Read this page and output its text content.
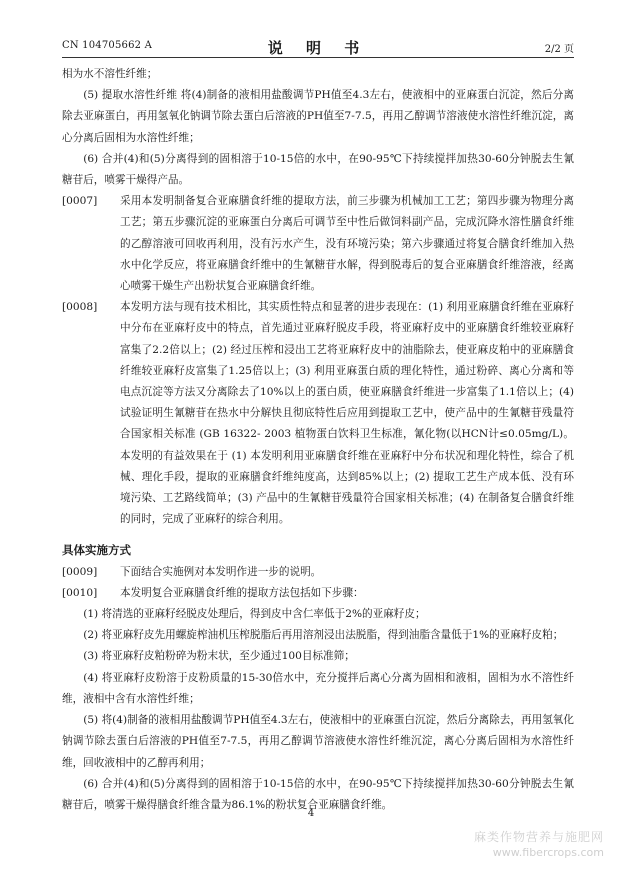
CN 104705662 A	说 明 书	2/2 页

相为水不溶性纤维；

(5) 提取水溶性纤维 将(4)制备的液相用盐酸调节PH值至4.3左右，使液相中的亚麻蛋白沉淀，然后分离除去亚麻蛋白，再用氢氧化钠调节除去蛋白后溶液的PH值至7-7.5，再用乙醇调节溶液使水溶性纤维沉淀，离心分离后固相为水溶性纤维；

(6) 合并(4)和(5)分离得到的固相溶于10-15倍的水中，在90-95℃下持续搅拌加热30-60分钟脱去生氰糖苷后，喷雾干燥得产品。

[0007] 采用本发明制备复合亚麻膳食纤维的提取方法，前三步骤为机械加工工艺；第四步骤为物理分离工艺；第五步骤沉淀的亚麻蛋白分离后可调节至中性后做饲料副产品，完成沉降水溶性膳食纤维的乙醇溶液可回收再利用，没有污水产生，没有环境污染；第六步骤通过将复合膳食纤维加入热水中化学反应，将亚麻膳食纤维中的生氰糖苷水解，得到脱毒后的复合亚麻膳食纤维溶液，经离心喷雾干燥生产出粉状复合亚麻膳食纤维。

[0008] 本发明方法与现有技术相比，其实质性特点和显著的进步表现在：(1) 利用亚麻膳食纤维在亚麻籽中分布在亚麻籽皮中的特点，首先通过亚麻籽脱皮手段，将亚麻籽皮中的亚麻膳食纤维较亚麻籽富集了2.2倍以上；(2) 经过压榨和浸出工艺将亚麻籽皮中的油脂除去，使亚麻皮粕中的亚麻膳食纤维较亚麻籽皮富集了1.25倍以上；(3) 利用亚麻蛋白质的理化特性，通过粉碎、离心分离和等电点沉淀等方法又分离除去了10%以上的蛋白质，使亚麻膳食纤维进一步富集了1.1倍以上；(4) 试验证明生氰糖苷在热水中分解快且彻底特性后应用到提取工艺中，使产品中的生氰糖苷残量符合国家相关标准 (GB 16322- 2003 植物蛋白饮料卫生标准，氰化物(以HCN计≤0.05mg/L)。本发明的有益效果在于 (1) 本发明利用亚麻膳食纤维在亚麻籽中分布状况和理化特性，综合了机械、理化手段，提取的亚麻膳食纤维纯度高，达到85%以上；(2) 提取工艺生产成本低、没有环境污染、工艺路线简单；(3) 产品中的生氰糖苷残量符合国家相关标准；(4) 在制备复合膳食纤维的同时，完成了亚麻籽的综合利用。

具体实施方式

[0009] 下面结合实施例对本发明作进一步的说明。

[0010] 本发明复合亚麻膳食纤维的提取方法包括如下步骤：

(1) 将清选的亚麻籽经脱皮处理后，得到皮中含仁率低于2%的亚麻籽皮；

(2) 将亚麻籽皮先用螺旋榨油机压榨脱脂后再用溶剂浸出法脱脂，得到油脂含量低于1%的亚麻籽皮粕；

(3) 将亚麻籽皮粕粉碎为粉末状，至少通过100目标准筛；

(4) 将亚麻籽皮粉溶于皮粉质量的15-30倍水中，充分搅拌后离心分离为固相和液相，固相为水不溶性纤维，液相中含有水溶性纤维；

(5) 将(4)制备的液相用盐酸调节PH值至4.3左右，使液相中的亚麻蛋白沉淀，然后分离除去，再用氢氧化钠调节除去蛋白后溶液的PH值至7-7.5，再用乙醇调节溶液使水溶性纤维沉淀，离心分离后固相为水溶性纤维，回收液相中的乙醇再利用；

(6) 合并(4)和(5)分离得到的固相溶于10-15倍的水中，在90-95℃下持续搅拌加热30-60分钟脱去生氰糖苷后，喷雾干燥得膳食纤维含量为86.1%的粉状复合亚麻膳食纤维。

4
麻类作物营养与施肥网
www.fibercrops.com
